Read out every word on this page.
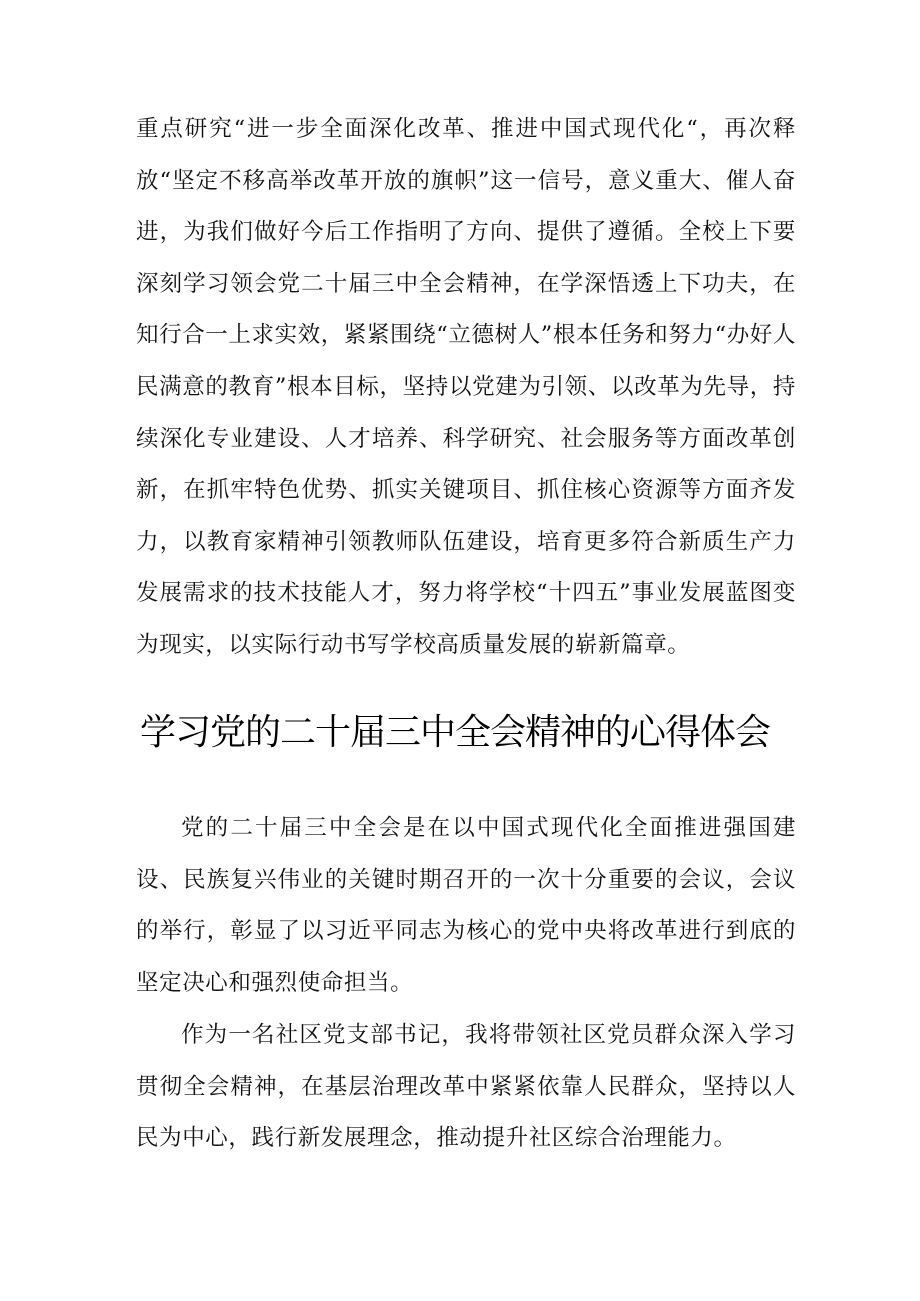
重点研究“进一步全面深化改革、推进中国式现代化“，再次释放“坚定不移高举改革开放的旗帜”这一信号，意义重大、催人奋进，为我们做好今后工作指明了方向、提供了遵循。全校上下要深刻学习领会党二十届三中全会精神，在学深悟透上下功夫，在知行合一上求实效，紧紧围绕“立德树人”根本任务和努力“办好人民满意的教育”根本目标，坚持以党建为引领、以改革为先导，持续深化专业建设、人才培养、科学研究、社会服务等方面改革创新，在抓牢特色优势、抓实关键项目、抓住核心资源等方面齐发力，以教育家精神引领教师队伍建设，培育更多符合新质生产力发展需求的技术技能人才，努力将学校“十四五”事业发展蓝图变为现实，以实际行动书写学校高质量发展的崭新篇章。

学习党的二十届三中全会精神的心得体会

党的二十届三中全会是在以中国式现代化全面推进强国建设、民族复兴伟业的关键时期召开的一次十分重要的会议，会议的举行，彰显了以习近平同志为核心的党中央将改革进行到底的坚定决心和强烈使命担当。

作为一名社区党支部书记，我将带领社区党员群众深入学习贯彻全会精神，在基层治理改革中紧紧依靠人民群众，坚持以人民为中心，践行新发展理念，推动提升社区综合治理能力。
